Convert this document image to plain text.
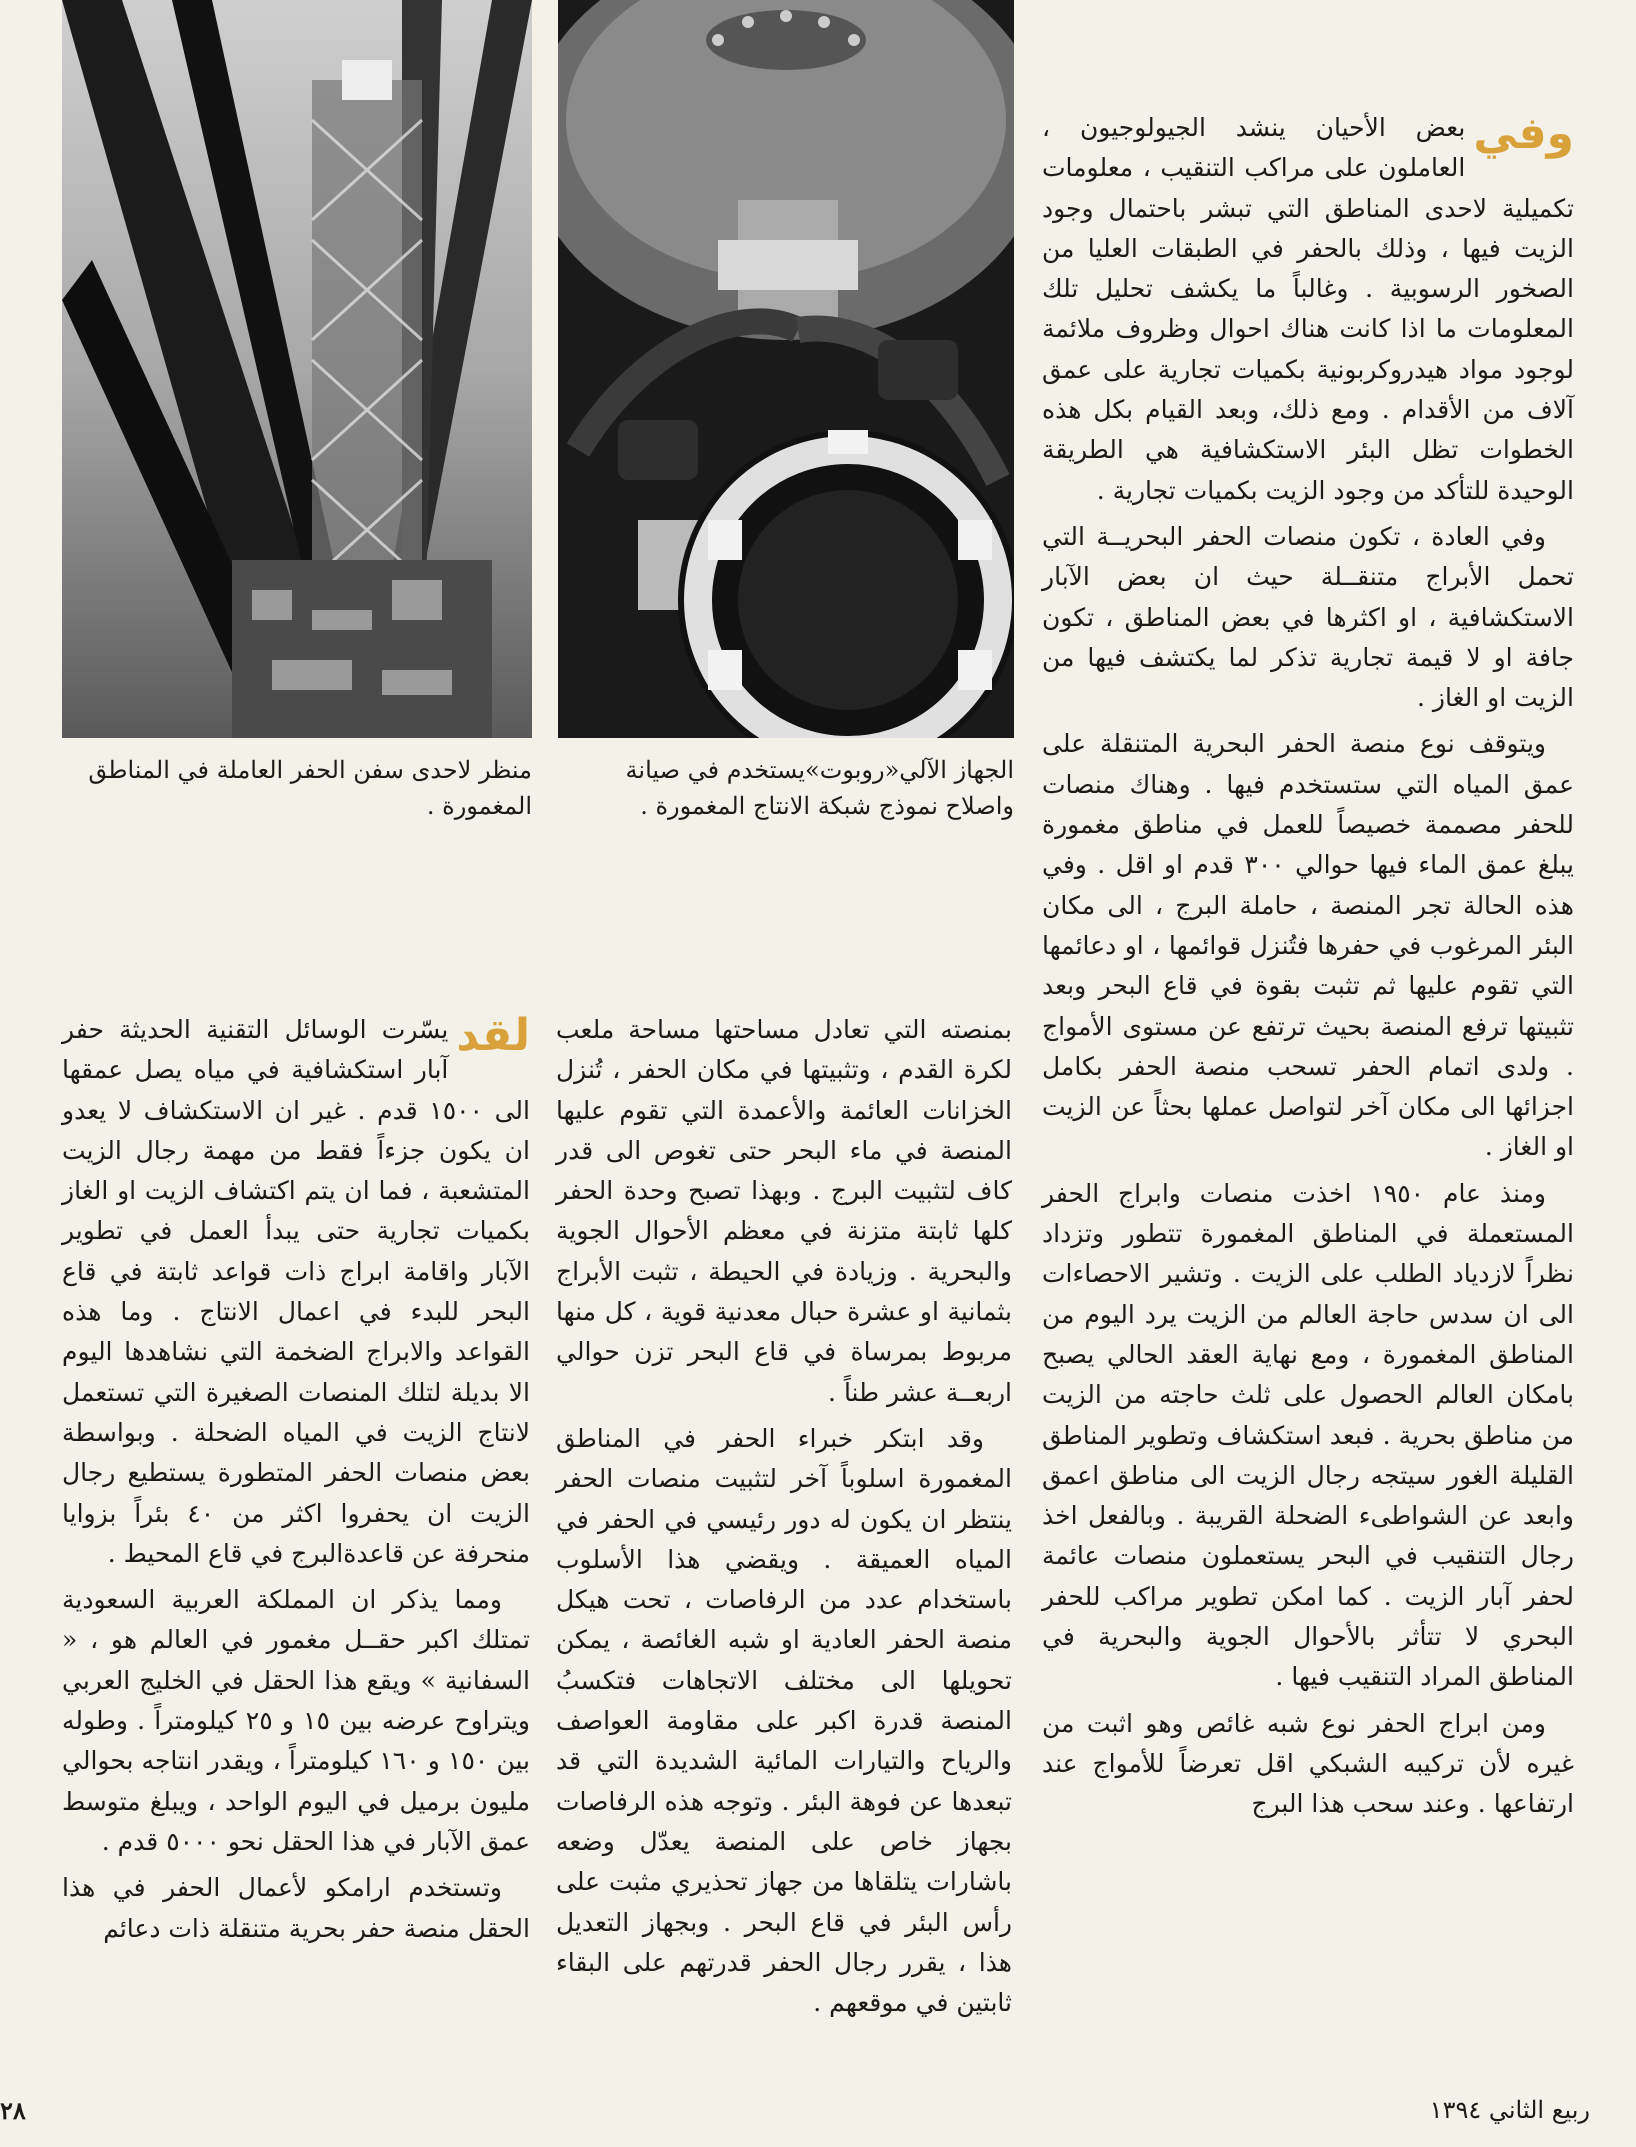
الجهاز الآلي«روبوت»يستخدم في صيانة واصلاح نموذج شبكة الانتاج المغمورة .
منظر لاحدى سفن الحفر العاملة في المناطق المغمورة .

وفي
بعض الأحيان ينشد الجيولوجيون ، العاملون على مراكب التنقيب ، معلومات تكميلية لاحدى المناطق التي تبشر باحتمال وجود الزيت فيها ، وذلك بالحفر في الطبقات العليا من الصخور الرسوبية . وغالباً ما يكشف تحليل تلك المعلومات ما اذا كانت هناك احوال وظروف ملائمة لوجود مواد هيدروكربونية بكميات تجارية على عمق آلاف من الأقدام . ومع ذلك، وبعد القيام بكل هذه الخطوات تظل البئر الاستكشافية هي الطريقة الوحيدة للتأكد من وجود الزيت بكميات تجارية .

وفي العادة ، تكون منصات الحفر البحريــة التي تحمل الأبراج متنقــلة حيث ان بعض الآبار الاستكشافية ، او اكثرها في بعض المناطق ، تكون جافة او لا قيمة تجارية تذكر لما يكتشف فيها من الزيت او الغاز .

ويتوقف نوع منصة الحفر البحرية المتنقلة على عمق المياه التي ستستخدم فيها . وهناك منصات للحفر مصممة خصيصاً للعمل في مناطق مغمورة يبلغ عمق الماء فيها حوالي ٣٠٠ قدم او اقل . وفي هذه الحالة تجر المنصة ، حاملة البرج ، الى مكان البئر المرغوب في حفرها فتُنزل قوائمها ، او دعائمها التي تقوم عليها ثم تثبت بقوة في قاع البحر وبعد تثبيتها ترفع المنصة بحيث ترتفع عن مستوى الأمواج . ولدى اتمام الحفر تسحب منصة الحفر بكامل اجزائها الى مكان آخر لتواصل عملها بحثاً عن الزيت او الغاز .

ومنذ عام ١٩٥٠ اخذت منصات وابراج الحفر المستعملة في المناطق المغمورة تتطور وتزداد نظراً لازدياد الطلب على الزيت . وتشير الاحصاءات الى ان سدس حاجة العالم من الزيت يرد اليوم من المناطق المغمورة ، ومع نهاية العقد الحالي يصبح بامكان العالم الحصول على ثلث حاجته من الزيت من مناطق بحرية . فبعد استكشاف وتطوير المناطق القليلة الغور سيتجه رجال الزيت الى مناطق اعمق وابعد عن الشواطىء الضحلة القريبة . وبالفعل اخذ رجال التنقيب في البحر يستعملون منصات عائمة لحفر آبار الزيت . كما امكن تطوير مراكب للحفر البحري لا تتأثر بالأحوال الجوية والبحرية في المناطق المراد التنقيب فيها .

ومن ابراج الحفر نوع شبه غائص وهو اثبت من غيره لأن تركيبه الشبكي اقل تعرضاً للأمواج عند ارتفاعها . وعند سحب هذا البرج

بمنصته التي تعادل مساحتها مساحة ملعب لكرة القدم ، وتثبيتها في مكان الحفر ، تُنزل الخزانات العائمة والأعمدة التي تقوم عليها المنصة في ماء البحر حتى تغوص الى قدر كاف لتثبيت البرج . وبهذا تصبح وحدة الحفر كلها ثابتة متزنة في معظم الأحوال الجوية والبحرية . وزيادة في الحيطة ، تثبت الأبراج بثمانية او عشرة حبال معدنية قوية ، كل منها مربوط بمرساة في قاع البحر تزن حوالي اربعــة عشر طناً .

وقد ابتكر خبراء الحفر في المناطق المغمورة اسلوباً آخر لتثبيت منصات الحفر ينتظر ان يكون له دور رئيسي في الحفر في المياه العميقة . ويقضي هذا الأسلوب باستخدام عدد من الرفاصات ، تحت هيكل منصة الحفر العادية او شبه الغائصة ، يمكن تحويلها الى مختلف الاتجاهات فتكسبُ المنصة قدرة اكبر على مقاومة العواصف والرياح والتيارات المائية الشديدة التي قد تبعدها عن فوهة البئر . وتوجه هذه الرفاصات بجهاز خاص على المنصة يعدّل وضعه باشارات يتلقاها من جهاز تحذيري مثبت على رأس البئر في قاع البحر . وبجهاز التعديل هذا ، يقرر رجال الحفر قدرتهم على البقاء ثابتين في موقعهم .

لقد
يسّرت الوسائل التقنية الحديثة حفر آبار استكشافية في مياه يصل عمقها الى ١٥٠٠ قدم . غير ان الاستكشاف لا يعدو ان يكون جزءاً فقط من مهمة رجال الزيت المتشعبة ، فما ان يتم اكتشاف الزيت او الغاز بكميات تجارية حتى يبدأ العمل في تطوير الآبار واقامة ابراج ذات قواعد ثابتة في قاع البحر للبدء في اعمال الانتاج . وما هذه القواعد والابراج الضخمة التي نشاهدها اليوم الا بديلة لتلك المنصات الصغيرة التي تستعمل لانتاج الزيت في المياه الضحلة . وبواسطة بعض منصات الحفر المتطورة يستطيع رجال الزيت ان يحفروا اكثر من ٤٠ بئراً بزوايا منحرفة عن قاعدةالبرج في قاع المحيط .

ومما يذكر ان المملكة العربية السعودية تمتلك اكبر حقــل مغمور في العالم هو ، « السفانية » ويقع هذا الحقل في الخليج العربي ويتراوح عرضه بين ١٥ و ٢٥ كيلومتراً . وطوله بين ١٥٠ و ١٦٠ كيلومتراً ، ويقدر انتاجه بحوالي مليون برميل في اليوم الواحد ، ويبلغ متوسط عمق الآبار في هذا الحقل نحو ٥٠٠٠ قدم .

وتستخدم ارامكو لأعمال الحفر في هذا الحقل منصة حفر بحرية متنقلة ذات دعائم

ربيع الثاني ١٣٩٤
٢٨
